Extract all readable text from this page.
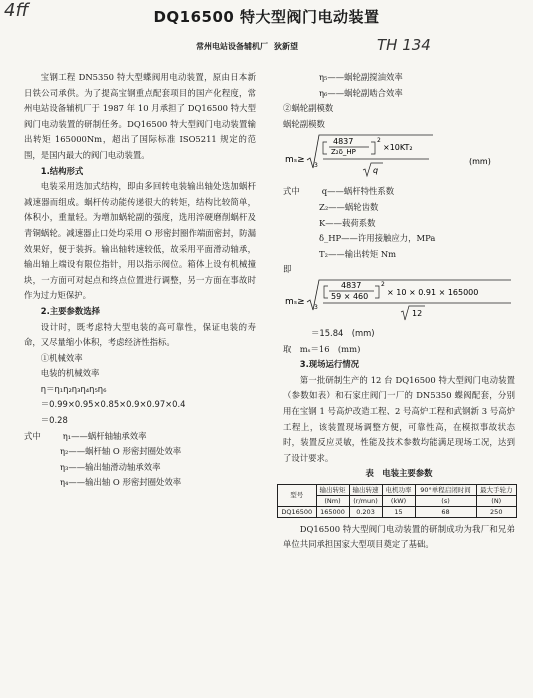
4ff
TH 134
DQ16500 特大型阀门电动装置
常州电站设备辅机厂 狄新望

宝钢工程 DN5350 特大型蝶阀用电动装置，原由日本新日铁公司承供。为了提高宝钢重点配套项目的国产化程度，常州电站设备辅机厂于 1987 年 10 月承担了 DQ16500 特大型阀门电动装置的研制任务。DQ16500 特大型阀门电动装置输出转矩 165000Nm，超出了国际标准 ISO5211 规定的范围，是国内最大的阀门电动装置。

1.结构形式

电装采用迭加式结构，即由多回转电装输出轴处迭加蜗杆减速器而组成。蜗杆传动能传递很大的转矩，结构比较简单，体积小，重量轻。为增加蜗轮副的强度，选用淬硬磨削蜗杆及青铜蜗轮。减速器止口处均采用 O 形密封圈作端面密封，防漏效果好，便于装拆。输出轴转速较低，故采用平面滑动轴承，输出轴上端设有限位指针，用以指示阀位。箱体上设有机械撞块，一方面可对起点和终点位置进行调整，另一方面在事故时作为过力矩保护。

2.主要参数选择

设计时，既考虑特大型电装的高可靠性，保证电装的寿命，又尽量缩小体积，考虑经济性指标。

①机械效率

电装的机械效率

η＝η₁η₂η₃η₄η₅η₆

＝0.99×0.95×0.85×0.9×0.97×0.4

＝0.28

式中	η₁——蜗杆轴轴承效率

η₂——蜗杆轴 O 形密封圈处效率

η₃——输出轴滑动轴承效率

η₄——输出轴 O 形密封圈处效率

η₅——蜗轮副搅油效率

η₆——蜗轮副啮合效率

②蜗轮副模数

蜗轮副模数

mₛ≥
4837
Z₂δ_HP
2
×10KT₂
3
q
(mm)

式中	q——蜗杆特性系数

Z₂——蜗轮齿数

K——载荷系数

δ_HP——许用接触应力，MPa

T₂——输出转矩 Nm

即

mₛ≥
4837
59 × 460
2
× 10 × 0.91 × 165000
3
12

＝15.84　(mm)

取　mₛ＝16　(mm)

3.现场运行情况

第一批研制生产的 12 台 DQ16500 特大型阀门电动装置（参数如表）和石家庄阀门一厂的 DN5350 蝶阀配套，分别用在宝钢 1 号高炉改造工程、2 号高炉工程和武钢新 3 号高炉工程上，该装置现场调整方便，可靠性高，在模拟事故状态时，装置反应灵敏，性能及技术参数均能满足现场工况，达到了设计要求。

表　电装主要参数

型号	输出转矩	输出转速	电机功率	90°单程启闭时间	最大手轮力
	(Nm)	(r/mun)	(kW)	(s)	(N)
DQ16500	165000	0.203	15	68	250

DQ16500 特大型阀门电动装置的研制成功为我厂和兄弟单位共同承担国家大型项目奠定了基础。
